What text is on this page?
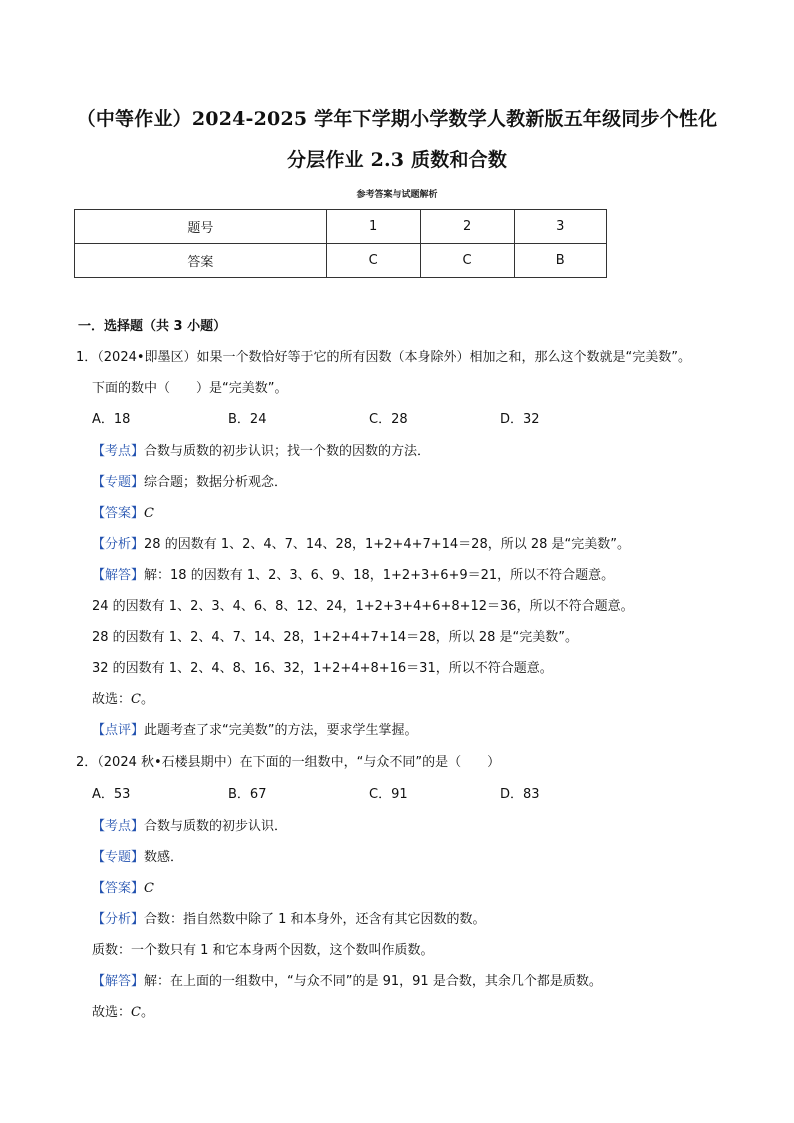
（中等作业）2024-2025 学年下学期小学数学人教新版五年级同步个性化
分层作业 2.3 质数和合数
参考答案与试题解析
题号	1	2	3
答案	C	C	B
一．选择题（共 3 小题）
1．（2024•即墨区）如果一个数恰好等于它的所有因数（本身除外）相加之和，那么这个数就是“完美数”。
下面的数中（　　）是“完美数”。
A．18	B．24	C．28	D．32
【考点】合数与质数的初步认识；找一个数的因数的方法．
【专题】综合题；数据分析观念．
【答案】C
【分析】28 的因数有 1、2、4、7、14、28，1+2+4+7+14＝28，所以 28 是“完美数”。
【解答】解：18 的因数有 1、2、3、6、9、18，1+2+3+6+9＝21，所以不符合题意。
24 的因数有 1、2、3、4、6、8、12、24，1+2+3+4+6+8+12＝36，所以不符合题意。
28 的因数有 1、2、4、7、14、28，1+2+4+7+14＝28，所以 28 是“完美数”。
32 的因数有 1、2、4、8、16、32，1+2+4+8+16＝31，所以不符合题意。
故选：C。
【点评】此题考查了求“完美数”的方法，要求学生掌握。
2．（2024 秋•石楼县期中）在下面的一组数中，“与众不同”的是（　　）
A．53	B．67	C．91	D．83
【考点】合数与质数的初步认识．
【专题】数感．
【答案】C
【分析】合数：指自然数中除了 1 和本身外，还含有其它因数的数。
质数：一个数只有 1 和它本身两个因数，这个数叫作质数。
【解答】解：在上面的一组数中，“与众不同”的是 91，91 是合数，其余几个都是质数。
故选：C。
